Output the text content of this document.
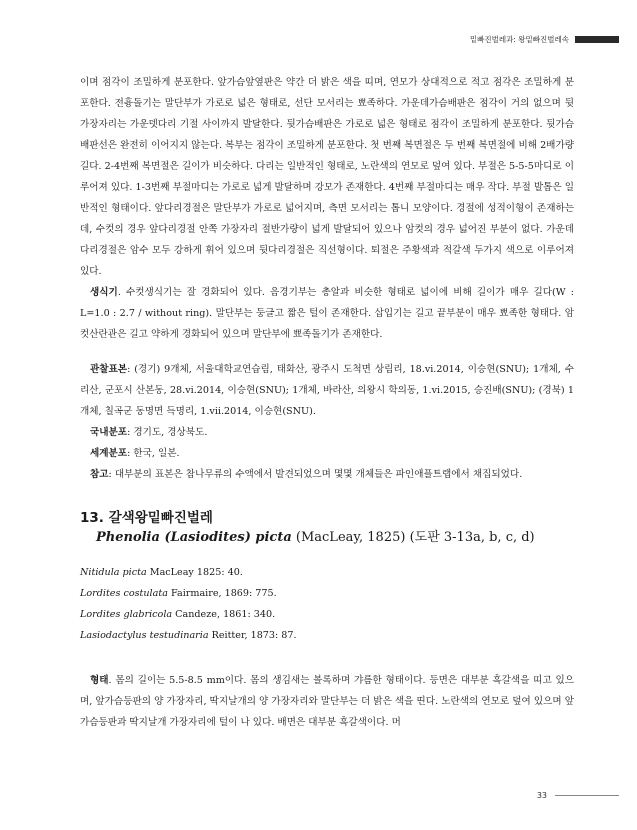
밑빠진벌레과: 왕밑빠진벌레속

이며 점각이 조밀하게 분포한다. 앞가슴앞옆판은 약간 더 밝은 색을 띠며, 연모가 상대적으로 적고 점각은 조밀하게 분포한다. 전흉돌기는 말단부가 가로로 넓은 형태로, 선단 모서리는 뾰족하다. 가운데가슴배판은 점각이 거의 없으며 뒷 가장자리는 가운뎃다리 기절 사이까지 발달한다. 뒷가슴배판은 가로로 넓은 형태로 점각이 조밀하게 분포한다. 뒷가슴배판선은 완전히 이어지지 않는다. 복부는 점각이 조밀하게 분포한다. 첫 번째 복면절은 두 번째 복면절에 비해 2배가량 길다. 2-4번째 복면절은 길이가 비슷하다. 다리는 일반적인 형태로, 노란색의 연모로 덮여 있다. 부절은 5-5-5마디로 이루어져 있다. 1-3번째 부절마디는 가로로 넓게 발달하며 강모가 존재한다. 4번째 부절마디는 매우 작다. 부절 발톱은 일반적인 형태이다. 앞다리경절은 말단부가 가로로 넓어지며, 측면 모서리는 톱니 모양이다. 경절에 성적이형이 존재하는데, 수컷의 경우 앞다리경절 안쪽 가장자리 절반가량이 넓게 발달되어 있으나 암컷의 경우 넓어진 부분이 없다. 가운데다리경절은 암수 모두 강하게 휘어 있으며 뒷다리경절은 직선형이다. 퇴절은 주황색과 적갈색 두가지 색으로 이루어져 있다.

생식기. 수컷생식기는 잘 경화되어 있다. 음경기부는 총알과 비슷한 형태로 넓이에 비해 길이가 매우 길다(W : L=1.0 : 2.7 / without ring). 말단부는 둥글고 짧은 털이 존재한다. 삽입기는 길고 끝부분이 매우 뾰족한 형태다. 암컷산란관은 길고 약하게 경화되어 있으며 말단부에 뾰족돌기가 존재한다.

관찰표본: (경기) 9개체, 서울대학교연습림, 태화산, 광주시 도척면 상림리, 18.vi.2014, 이승현(SNU); 1개체, 수리산, 군포시 산본동, 28.vi.2014, 이승현(SNU); 1개체, 바라산, 의왕시 학의동, 1.vi.2015, 승진배(SNU); (경북) 1개체, 칠곡군 동명면 득명리, 1.vii.2014, 이승현(SNU).

국내분포: 경기도, 경상북도.

세계분포: 한국, 일본.

참고: 대부분의 표본은 참나무류의 수액에서 발견되었으며 몇몇 개체들은 파인애플트랩에서 채집되었다.

13. 갈색왕밑빠진벌레
Phenolia (Lasiodites) picta (MacLeay, 1825) (도판 3-13a, b, c, d)
Nitidula picta MacLeay 1825: 40.
Lordites costulata Fairmaire, 1869: 775.
Lordites glabricola Candeze, 1861: 340.
Lasiodactylus testudinaria Reitter, 1873: 87.

형태. 몸의 길이는 5.5-8.5 mm이다. 몸의 생김새는 볼록하며 갸름한 형태이다. 등면은 대부분 흑갈색을 띠고 있으며, 앞가슴등판의 양 가장자리, 딱지날개의 양 가장자리와 말단부는 더 밝은 색을 띤다. 노란색의 연모로 덮여 있으며 앞가슴등판과 딱지날개 가장자리에 털이 나 있다. 배면은 대부분 흑갈색이다. 머

33
